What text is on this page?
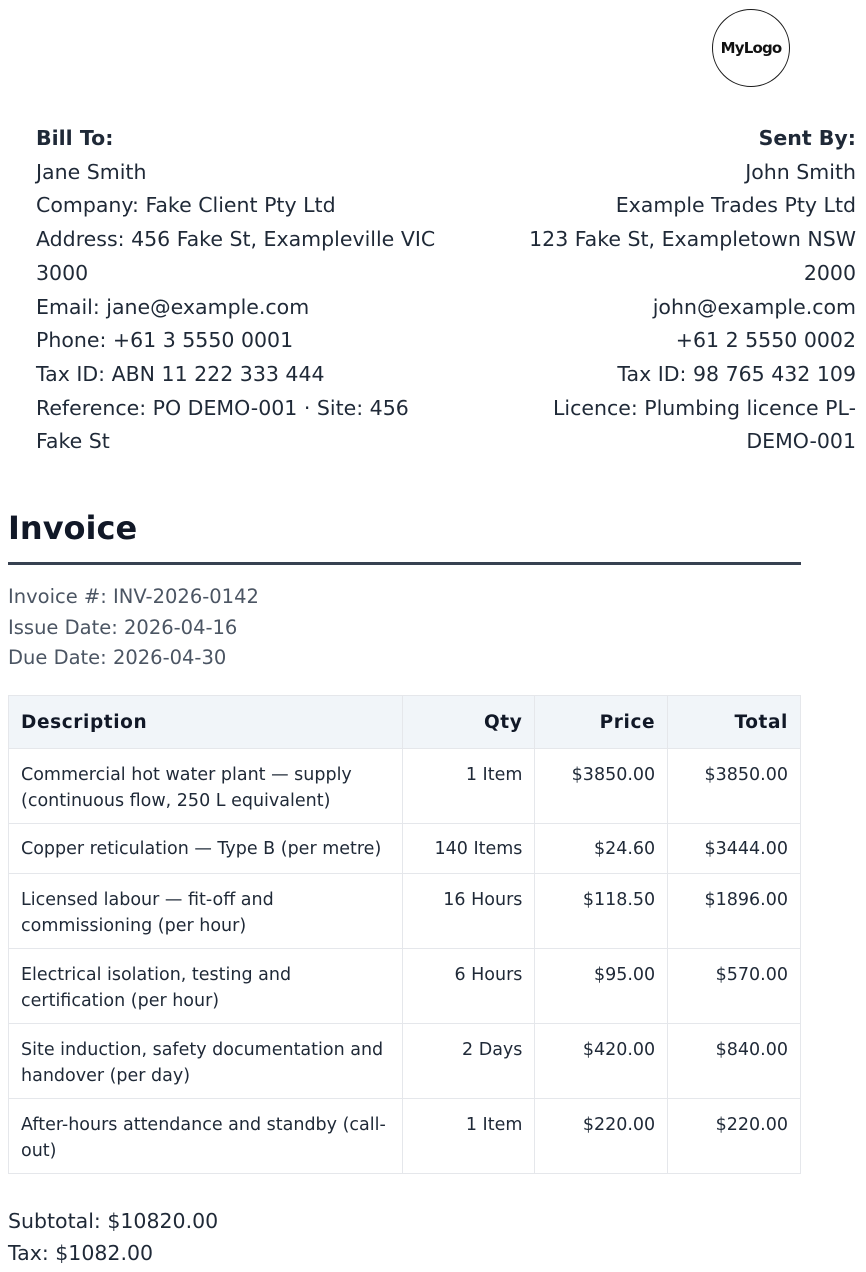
MyLogo
Bill To:
Jane Smith
Company: Fake Client Pty Ltd
Address: 456 Fake St, Exampleville VIC 3000
Email: jane@example.com
Phone: +61 3 5550 0001
Tax ID: ABN 11 222 333 444
Reference: PO DEMO-001 · Site: 456 Fake St
Sent By:
John Smith
Example Trades Pty Ltd
123 Fake St, Exampletown NSW 2000
john@example.com
+61 2 5550 0002
Tax ID: 98 765 432 109
Licence: Plumbing licence PL-DEMO-001
Invoice
Invoice #: INV-2026-0142
Issue Date: 2026-04-16
Due Date: 2026-04-30
Description	Qty	Price	Total
Commercial hot water plant — supply (continuous flow, 250 L equivalent)	1 Item	$3850.00	$3850.00
Copper reticulation — Type B (per metre)	140 Items	$24.60	$3444.00
Licensed labour — fit-off and commissioning (per hour)	16 Hours	$118.50	$1896.00
Electrical isolation, testing and certification (per hour)	6 Hours	$95.00	$570.00
Site induction, safety documentation and handover (per day)	2 Days	$420.00	$840.00
After-hours attendance and standby (call-out)	1 Item	$220.00	$220.00
Subtotal: $10820.00
Tax: $1082.00
